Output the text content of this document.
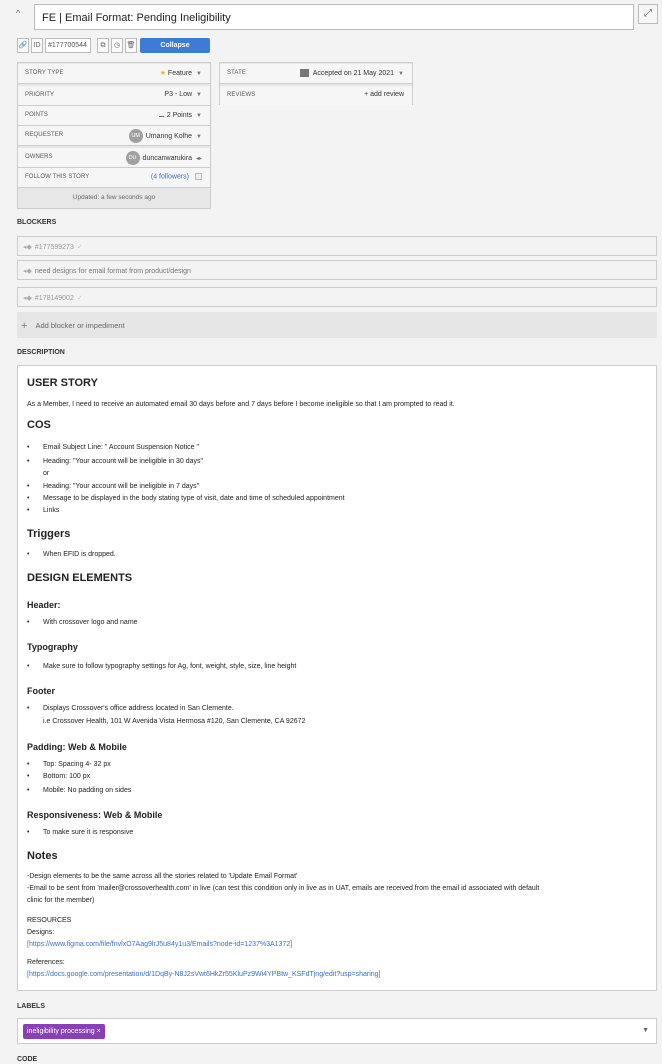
^	FE | Email Format: Pending Ineligibility	⤢
🔗 ID	#177700544	⧉	◷ 🗑	Collapse
STORY TYPE	★ Feature ▼
PRIORITY	P3 - Low ▼
POINTS	⚊ 2 Points ▼
REQUESTER	UM Umanng Kolhe ▼
OWNERS	DU duncanwarukira ◂▸
FOLLOW THIS STORY	(4 followers)
Updated: a few seconds ago
STATE	Accepted on 21 May 2021 ▼
REVIEWS	+ add review
BLOCKERS
◂◆ #177599273 ✓
◂◆ need designs for email format from product/design
◂◆ #178149002 ✓
+ Add blocker or impediment
DESCRIPTION
USER STORY
As a Member, I need to receive an automated email 30 days before and 7 days before I become ineligible so that I am prompted to read it.
COS
• Email Subject Line: " Account Suspension Notice "
• Heading: "Your account will be ineligible in 30 days"
or
• Heading: "Your account will be ineligible in 7 days"
• Message to be displayed in the body stating type of visit, date and time of scheduled appointment
• Links
Triggers
• When EFID is dropped.
DESIGN ELEMENTS
Header:
• With crossover logo and name
Typography
• Make sure to follow typography settings for Ag, font, weight, style, size, line height
Footer
• Displays Crossover's office address located in San Clemente.
i.e Crossover Health, 101 W Avenida Vista Hermosa #120, San Clemente, CA 92672
Padding: Web & Mobile
• Top: Spacing 4- 32 px
• Bottom: 100 px
• Mobile: No padding on sides
Responsiveness: Web & Mobile
• To make sure it is responsive
Notes
-Design elements to be the same across all the stories related to 'Update Email Format'
-Email to be sent from 'mailer@crossoverhealth.com' in live (can test this condition only in live as in UAT, emails are received from the email id associated with default
clinic for the member)
RESOURCES
Designs:
[https://www.figma.com/file/fnvlxO7Aag9lrJ5u84y1u3/Emails?node-id=1237%3A1372]
References:
[https://docs.google.com/presentation/d/1DqBy-N8J2sVwt6HkZr55KluPz9Wi4YPBtw_KSFdTjng/edit?usp=sharing]
LABELS
ineligibility processing ×	▼
CODE
